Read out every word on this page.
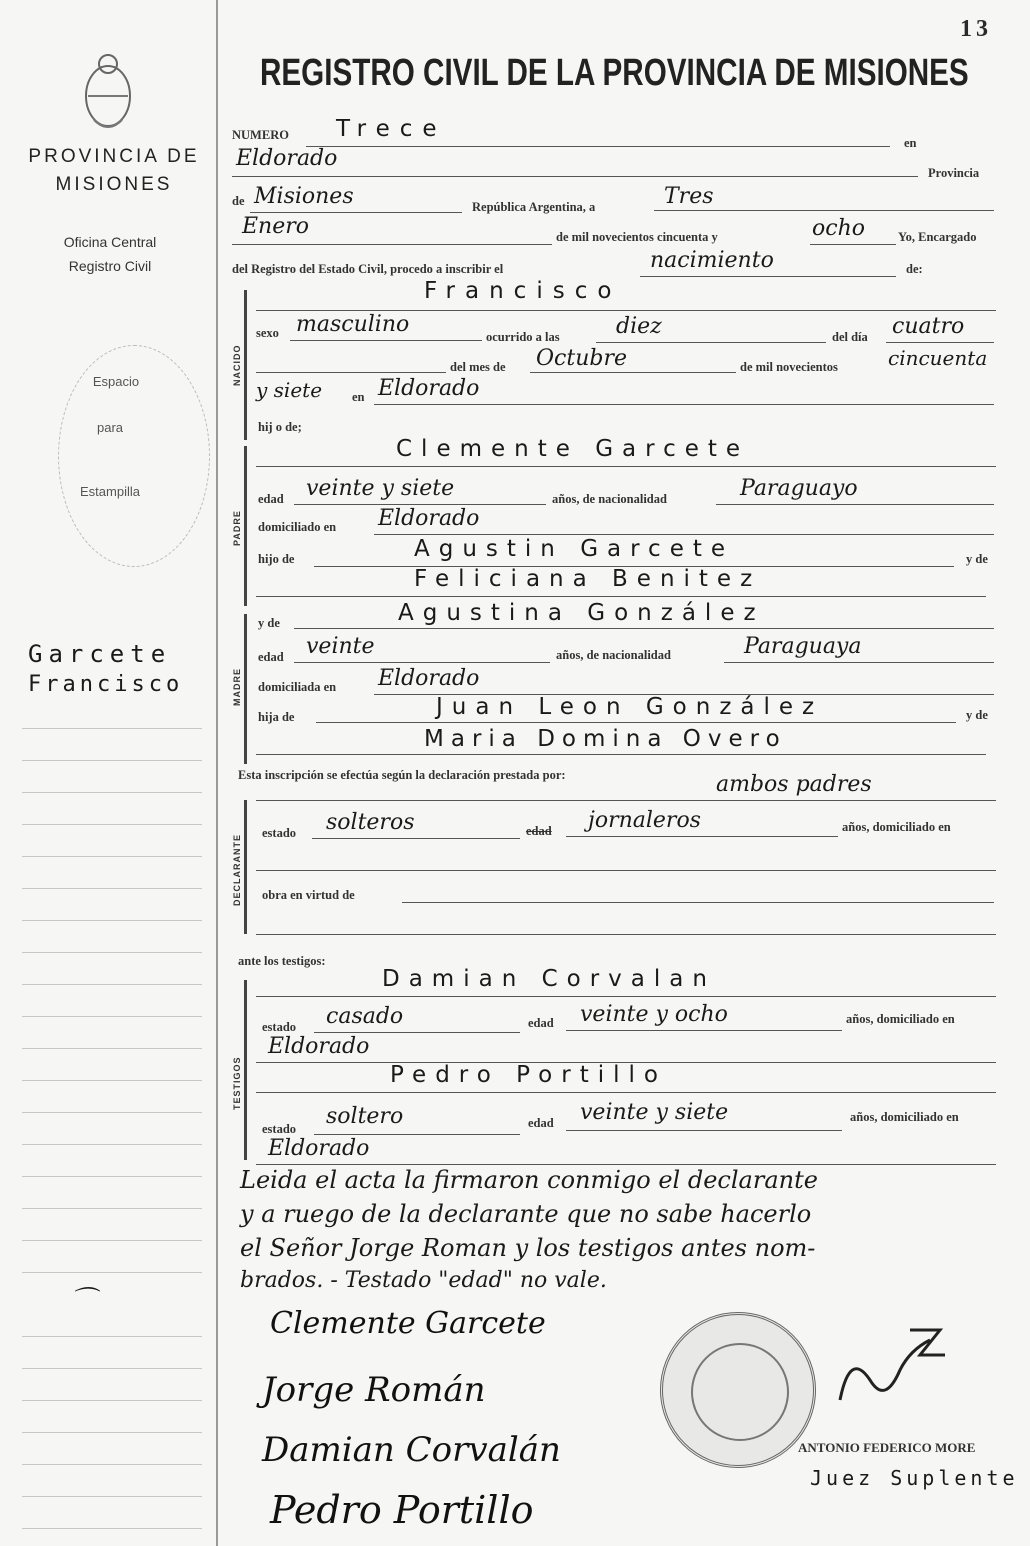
13
REGISTRO CIVIL DE LA PROVINCIA DE MISIONES
PROVINCIA DE
MISIONES
Oficina Central
Registro Civil
Espacio
para
Estampilla
Garcete
Francisco
⌒
NUMERO Trece
en
Eldorado
Provincia
de Misiones	República Argentina, a	Tres
Enero	de mil novecientos cincuenta y	ocho	Yo, Encargado
del Registro del Estado Civil, procedo a inscribir el	nacimiento	de:
NACIDO
Francisco
sexo masculino	ocurrido a las	diez	del día cuatro
del mes de Octubre	de mil novecientos	cincuenta
y siete en Eldorado
hij o de;
PADRE
Clemente Garcete
edad veinte y siete	años, de nacionalidad	Paraguayo
domiciliado en Eldorado
hijo de	Agustin Garcete	y de
Feliciana Benitez
MADRE
y de	Agustina González
edad veinte	años, de nacionalidad	Paraguaya
domiciliada en Eldorado
hija de	Juan Leon González	y de
Maria Domina Overo
Esta inscripción se efectúa según la declaración prestada por:	ambos padres
DECLARANTE
estado solteros	edad jornaleros	años, domiciliado en
obra en virtud de
ante los testigos:
TESTIGOS
Damian Corvalan
estado casado	edad veinte y ocho	años, domiciliado en
Eldorado
Pedro Portillo
estado soltero	edad veinte y siete	años, domiciliado en
Eldorado
Leida el acta la firmaron conmigo el declarante
y a ruego de la declarante que no sabe hacerlo
el Señor Jorge Roman y los testigos antes nom-
brados. - Testado "edad" no vale.
Clemente Garcete
Jorge Román
Damian Corvalán
Pedro Portillo
ANTONIO FEDERICO MORE
Juez Suplente
